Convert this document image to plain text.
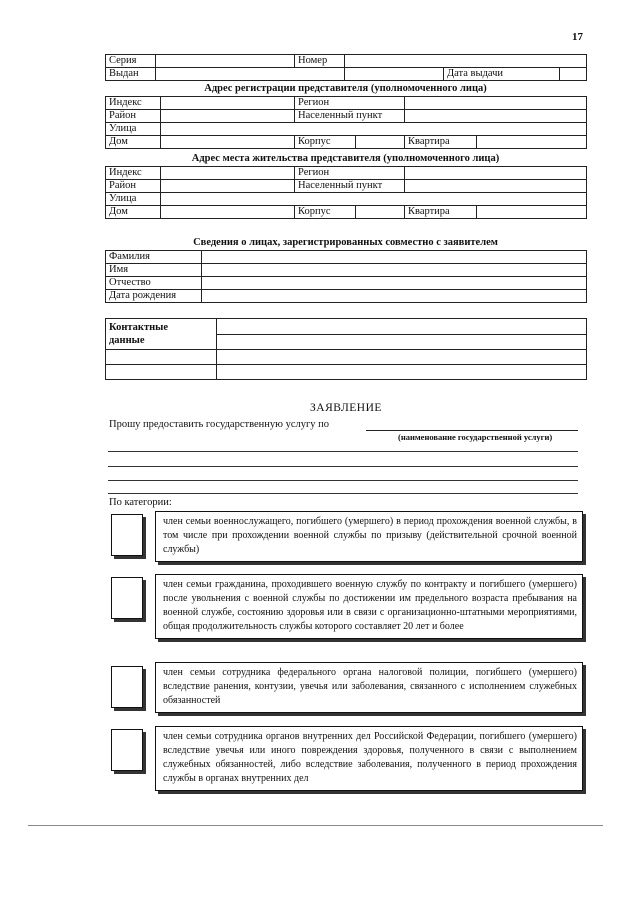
17
Серия		Номер		
Выдан			Дата выдачи	

Адрес регистрации представителя (уполномоченного лица)
Индекс		Регион		
Район		Населенный пункт		
Улица				
Дом		Корпус	Квартира	
Адрес места жительства представителя (уполномоченного лица)
Индекс		Регион		
Район		Населенный пункт		
Улица				
Дом		Корпус	Квартира	
Сведения о лицах, зарегистрированных совместно с заявителем
Фамилия	
Имя	
Отчество	
Дата рождения	
Контактные
данные	

ЗАЯВЛЕНИЕ
Прошу предоставить государственную услугу по
(наименование государственной услуги)
По категории:
член семьи военнослужащего, погибшего (умершего) в период прохождения военной службы, в том числе при прохождении военной службы по призыву (действительной срочной военной службы)
член семьи гражданина, проходившего военную службу по контракту и погибшего (умершего) после увольнения с военной службы по достижении им предельного возраста пребывания на военной службе, состоянию здоровья или в связи с организационно-штатными мероприятиями, общая продолжительность службы которого составляет 20 лет и более
член семьи сотрудника федерального органа налоговой полиции, погибшего (умершего) вследствие ранения, контузии, увечья или заболевания, связанного с исполнением служебных обязанностей
член семьи сотрудника органов внутренних дел Российской Федерации, погибшего (умершего) вследствие увечья или иного повреждения здоровья, полученного в связи с выполнением служебных обязанностей, либо вследствие заболевания, полученного в период прохождения службы в органах внутренних дел
